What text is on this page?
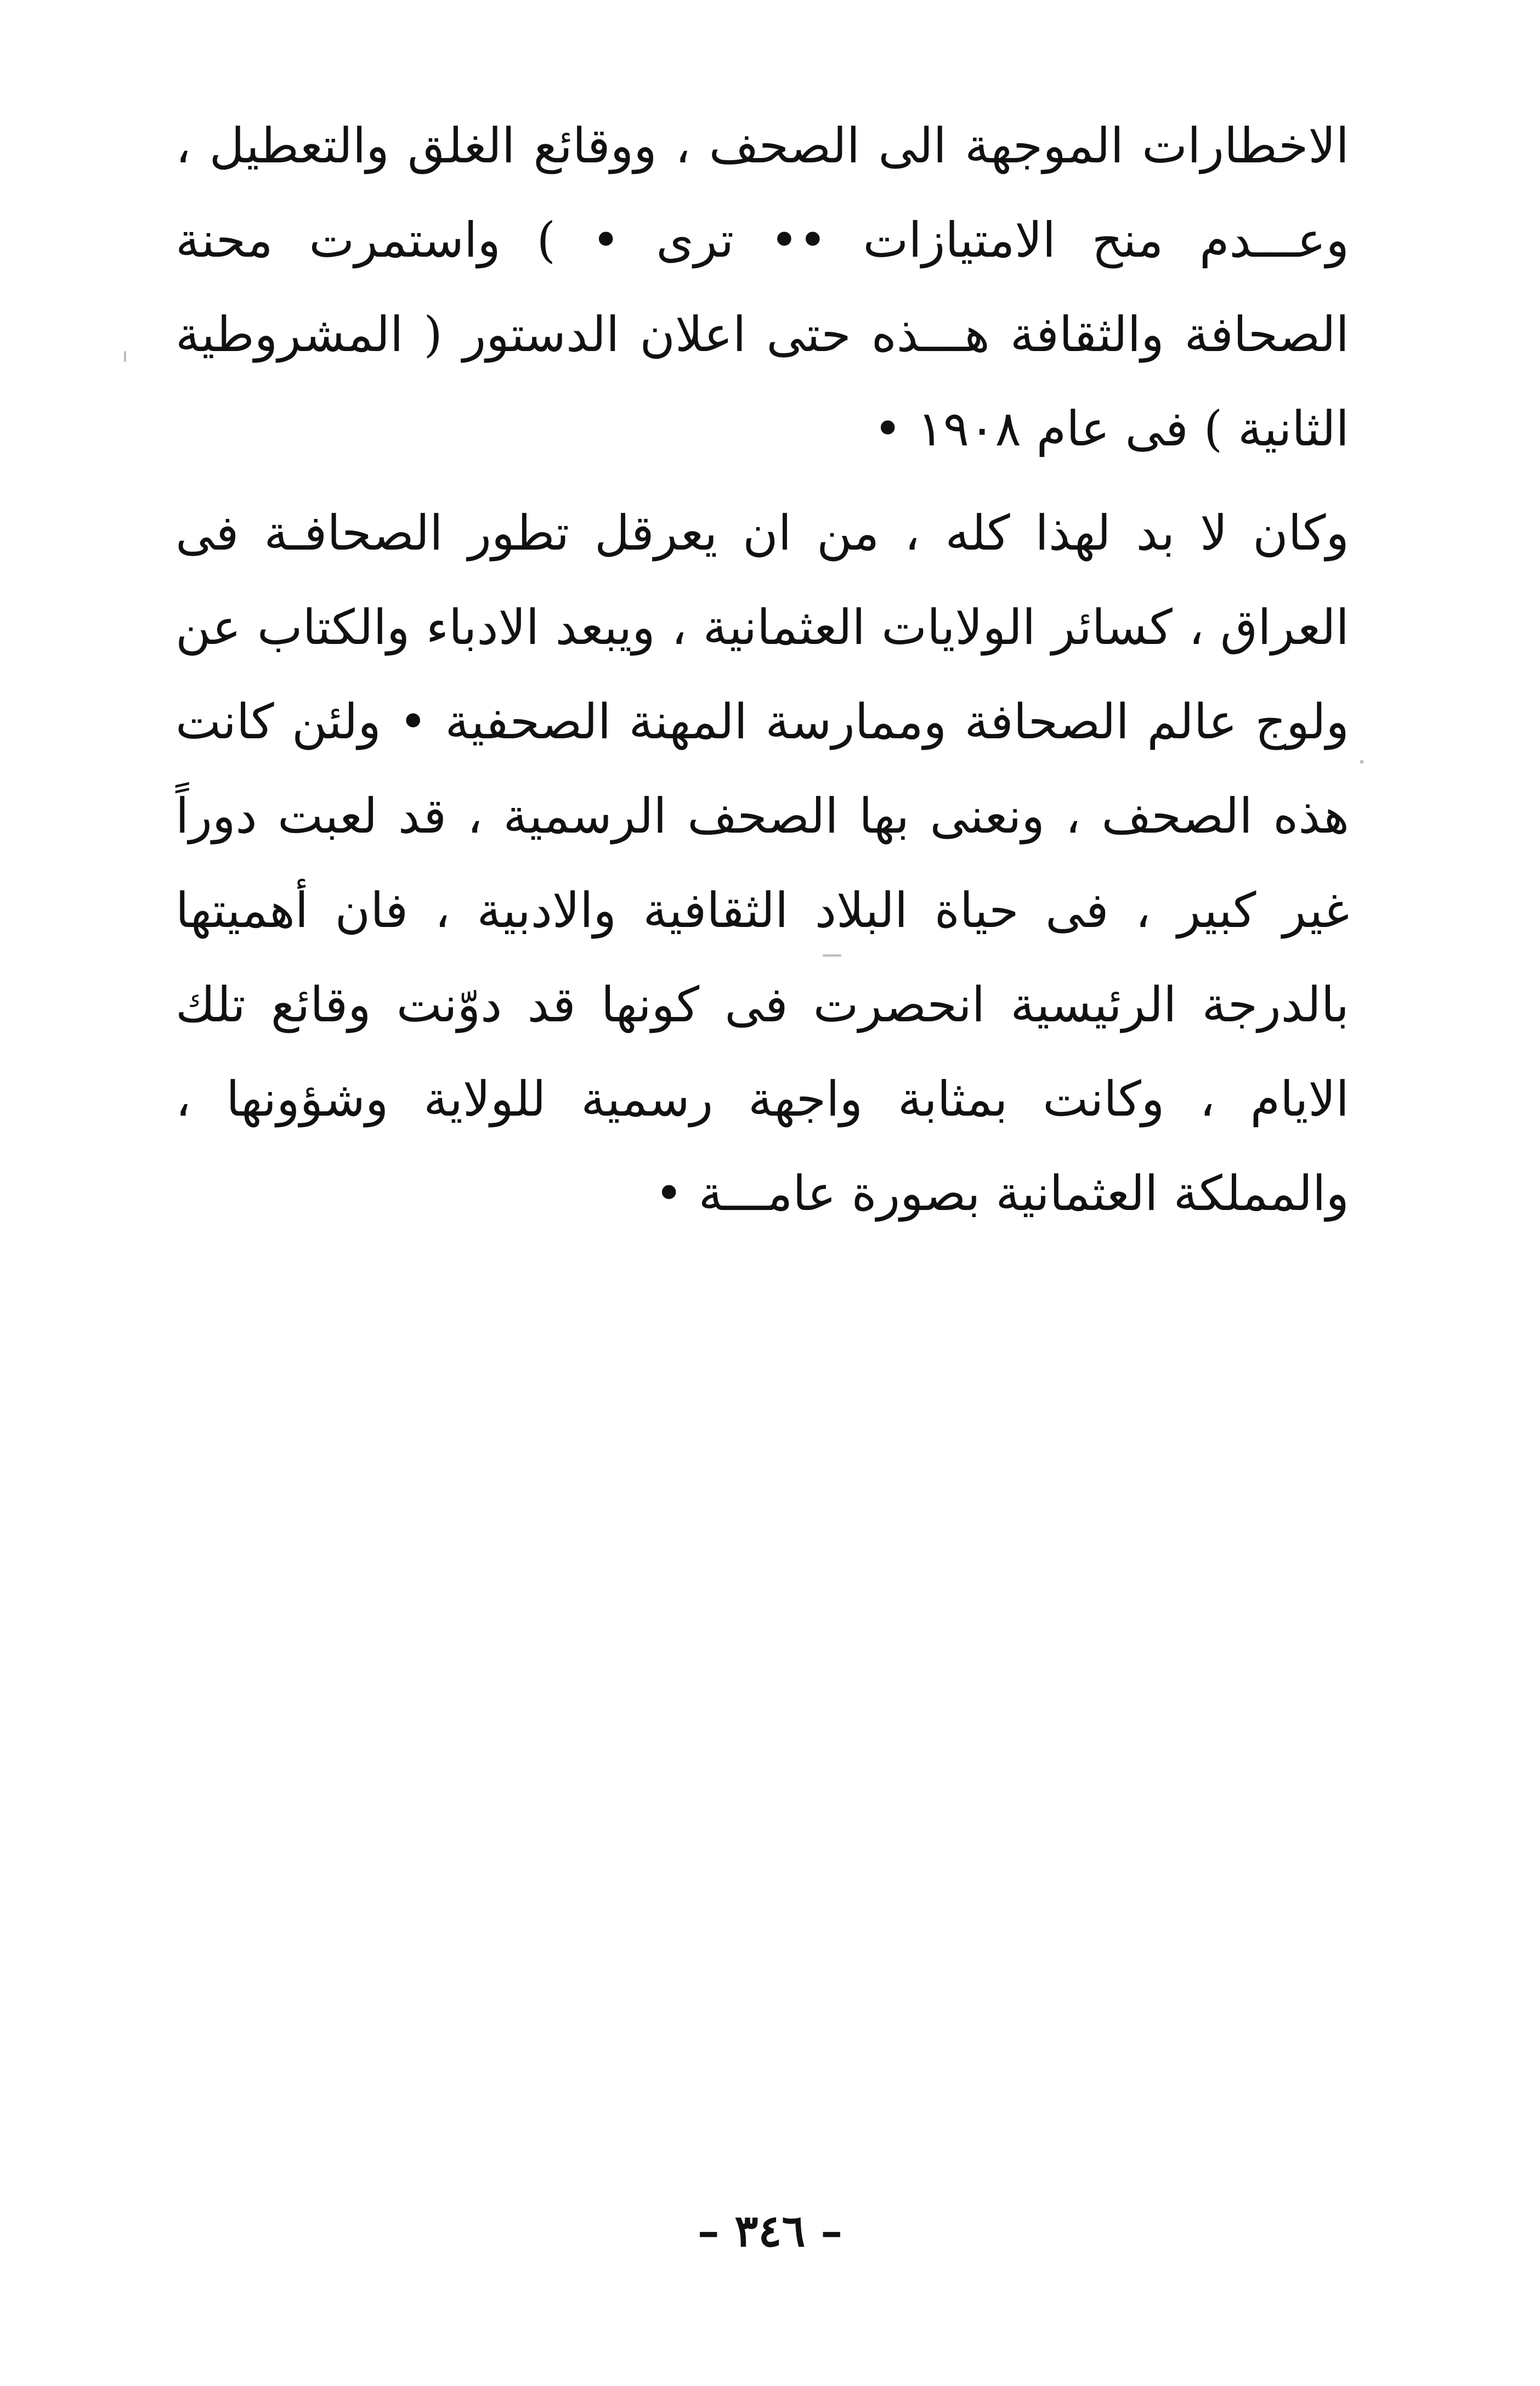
الاخطارات الموجهة الى الصحف ، ووقائع الغلق والتعطيل ، وعـــدم منح الامتيازات •• ترى • ) واستمرت محنة الصحافة والثقافة هـــذه حتى اعلان الدستور ( المشروطية الثانية ) فى عام ١٩٠٨ •

وكان لا بد لهذا كله ، من ان يعرقل تطور الصحافـة فى العراق ، كسائر الولايات العثمانية ، ويبعد الادباء والكتاب عن ولوج عالم الصحافة وممارسة المهنة الصحفية • ولئن كانت هذه الصحف ، ونعنى بها الصحف الرسمية ، قد لعبت دوراً غير كبير ، فى حياة البلاد الثقافية والادبية ، فان أهميتها بالدرجة الرئيسية انحصرت فى كونها قد دوّنت وقائع تلك الايام ، وكانت بمثابة واجهة رسمية للولاية وشؤونها ، والمملكة العثمانية بصورة عامـــة •

– ٣٤٦ –
